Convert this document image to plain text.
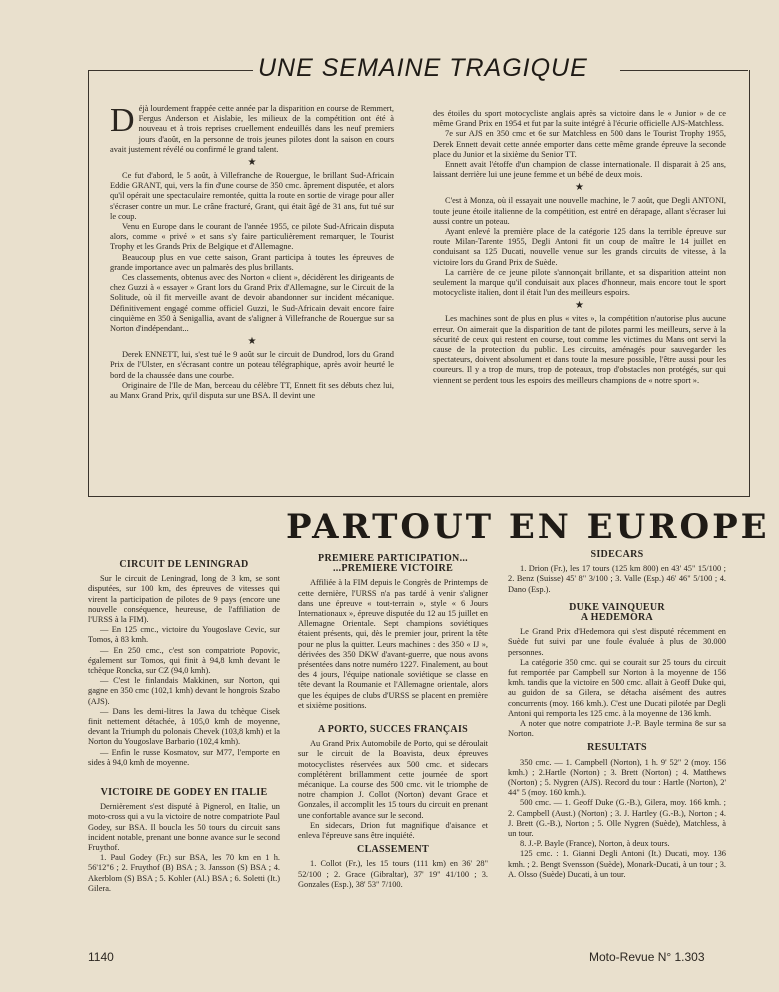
UNE SEMAINE TRAGIQUE

Déjà lourdement frappée cette année par la disparition en course de Remmert, Fergus Anderson et Aislabie, les milieux de la compétition ont été à nouveau et à trois reprises cruellement endeuillés dans les neuf premiers jours d'août, en la personne de trois jeunes pilotes dont la saison en cours avait justement révélé ou confirmé le grand talent.

★

Ce fut d'abord, le 5 août, à Villefranche de Rouergue, le brillant Sud-Africain Eddie GRANT, qui, vers la fin d'une course de 350 cmc. âprement disputée, et alors qu'il opérait une spectaculaire remontée, quitta la route en sortie de virage pour aller s'écraser contre un mur. Le crâne fracturé, Grant, qui était âgé de 31 ans, fut tué sur le coup.

Venu en Europe dans le courant de l'année 1955, ce pilote Sud-Africain disputa alors, comme « privé » et sans s'y faire particulièrement remarquer, le Tourist Trophy et les Grands Prix de Belgique et d'Allemagne.

Beaucoup plus en vue cette saison, Grant participa à toutes les épreuves de grande importance avec un palmarès des plus brillants.

Ces classements, obtenus avec des Norton « client », décidèrent les dirigeants de chez Guzzi à « essayer » Grant lors du Grand Prix d'Allemagne, sur le Circuit de la Solitude, où il fit merveille avant de devoir abandonner sur incident mécanique. Définitivement engagé comme officiel Guzzi, le Sud-Africain devait encore faire cinquième en 350 à Senigallia, avant de s'aligner à Villefranche de Rouergue sur sa Norton d'indépendant...

★

Derek ENNETT, lui, s'est tué le 9 août sur le circuit de Dundrod, lors du Grand Prix de l'Ulster, en s'écrasant contre un poteau télégraphique, après avoir heurté le bord de la chaussée dans une courbe.

Originaire de l'Ile de Man, berceau du célèbre TT, Ennett fit ses débuts chez lui, au Manx Grand Prix, qu'il disputa sur une BSA. Il devint une

des étoiles du sport motocycliste anglais après sa victoire dans le « Junior » de ce même Grand Prix en 1954 et fut par la suite intégré à l'écurie officielle AJS-Matchless.

7e sur AJS en 350 cmc et 6e sur Matchless en 500 dans le Tourist Trophy 1955, Derek Ennett devait cette année emporter dans cette même grande épreuve la seconde place du Junior et la sixième du Senior TT.

Ennett avait l'étoffe d'un champion de classe internationale. Il disparait à 25 ans, laissant derrière lui une jeune femme et un bébé de deux mois.

★

C'est à Monza, où il essayait une nouvelle machine, le 7 août, que Degli ANTONI, toute jeune étoile italienne de la compétition, est entré en dérapage, allant s'écraser lui aussi contre un poteau.

Ayant enlevé la première place de la catégorie 125 dans la terrible épreuve sur route Milan-Tarente 1955, Degli Antoni fit un coup de maître le 14 juillet en conduisant sa 125 Ducati, nouvelle venue sur les grands circuits de vitesse, à la victoire lors du Grand Prix de Suède.

La carrière de ce jeune pilote s'annonçait brillante, et sa disparition atteint non seulement la marque qu'il conduisait aux places d'honneur, mais encore tout le sport motocycliste italien, dont il était l'un des meilleurs espoirs.

★

Les machines sont de plus en plus « vites », la compétition n'autorise plus aucune erreur. On aimerait que la disparition de tant de pilotes parmi les meilleurs, serve à la sécurité de ceux qui restent en course, tout comme les victimes du Mans ont servi la cause de la protection du public. Les circuits, aménagés pour sauvegarder les spectateurs, doivent absolument et dans toute la mesure possible, l'être aussi pour les coureurs. Il y a trop de murs, trop de poteaux, trop d'obstacles non protégés, sur qui viennent se perdent tous les espoirs des meilleurs champions de « notre sport ».

PARTOUT EN EUROPE
CIRCUIT DE LENINGRAD

Sur le circuit de Leningrad, long de 3 km, se sont disputées, sur 100 km, des épreuves de vitesses qui virent la participation de pilotes de 9 pays (encore une nouvelle conséquence, heureuse, de l'affiliation de l'URSS à la FIM).

— En 125 cmc., victoire du Yougoslave Cevic, sur Tomos, à 83 kmh.

— En 250 cmc., c'est son compatriote Popovic, également sur Tomos, qui finit à 94,8 kmh devant le tchèque Roncka, sur CZ (94,0 kmh).

— C'est le finlandais Makkinen, sur Norton, qui gagne en 350 cmc (102,1 kmh) devant le hongrois Szabo (AJS).

— Dans les demi-litres la Jawa du tchèque Cisek finit nettement détachée, à 105,0 kmh de moyenne, devant la Triumph du polonais Chevek (103,8 kmh) et la Norton du Yougoslave Barbario (102,4 kmh).

— Enfin le russe Kosmatov, sur M77, l'emporte en sides à 94,0 kmh de moyenne.

VICTOIRE DE GODEY EN ITALIE

Dernièrement s'est disputé à Pignerol, en Italie, un moto-cross qui a vu la victoire de notre compatriote Paul Godey, sur BSA. Il boucla les 50 tours du circuit sans incident notable, prenant une bonne avance sur le second Fruythof.

1. Paul Godey (Fr.) sur BSA, les 70 km en 1 h. 56'12"6 ; 2. Fruythof (B) BSA ; 3. Jansson (S) BSA ; 4. Akerblom (S) BSA ; 5. Kohler (Al.) BSA ; 6. Soletti (It.) Gilera.

PREMIERE PARTICIPATION...
...PREMIERE VICTOIRE

Affiliée à la FIM depuis le Congrès de Printemps de cette dernière, l'URSS n'a pas tardé à venir s'aligner dans une épreuve « tout-terrain », style « 6 Jours Internationaux », épreuve disputée du 12 au 15 juillet en Allemagne Orientale. Sept champions soviétiques étaient présents, qui, dès le premier jour, prirent la tête pour ne plus la quitter. Leurs machines : des 350 « IJ », dérivées des 350 DKW d'avant-guerre, que nous avons présentées dans notre numéro 1227. Finalement, au bout des 4 jours, l'équipe nationale soviétique se classe en tête devant la Roumanie et l'Allemagne orientale, alors que les équipes de clubs d'URSS se placent en première et sixième positions.

A PORTO, SUCCES FRANÇAIS

Au Grand Prix Automobile de Porto, qui se déroulait sur le circuit de la Boavista, deux épreuves motocyclistes réservées aux 500 cmc. et sidecars complétèrent brillamment cette journée de sport mécanique. La course des 500 cmc. vit le triomphe de notre champion J. Collot (Norton) devant Grace et Gonzales, il accomplit les 15 tours du circuit en prenant une confortable avance sur le second.

En sidecars, Drion fut magnifique d'aisance et enleva l'épreuve sans être inquiété.

CLASSEMENT

1. Collot (Fr.), les 15 tours (111 km) en 36' 28" 52/100 ; 2. Grace (Gibraltar), 37' 19" 41/100 ; 3. Gonzales (Esp.), 38' 53" 7/100.

SIDECARS

1. Drion (Fr.), les 17 tours (125 km 800) en 43' 45" 15/100 ; 2. Benz (Suisse) 45' 8" 3/100 ; 3. Valle (Esp.) 46' 46" 5/100 ; 4. Dano (Esp.).

DUKE VAINQUEUR
A HEDEMORA

Le Grand Prix d'Hedemora qui s'est disputé récemment en Suède fut suivi par une foule évaluée à plus de 30.000 personnes.

La catégorie 350 cmc. qui se courait sur 25 tours du circuit fut remportée par Campbell sur Norton à la moyenne de 156 kmh. tandis que la victoire en 500 cmc. allait à Geoff Duke qui, au guidon de sa Gilera, se détacha aisément des autres concurrents (moy. 166 kmh.). C'est une Ducati pilotée par Degli Antoni qui remporta les 125 cmc. à la moyenne de 136 kmh.

A noter que notre compatriote J.-P. Bayle termina 8e sur sa Norton.

RESULTATS

350 cmc. — 1. Campbell (Norton), 1 h. 9' 52" 2 (moy. 156 kmh.) ; 2.Hartle (Norton) ; 3. Brett (Norton) ; 4. Matthews (Norton) ; 5. Nygren (AJS). Record du tour : Hartle (Norton), 2' 44" 5 (moy. 160 kmh.).

500 cmc. — 1. Geoff Duke (G.-B.), Gilera, moy. 166 kmh. ; 2. Campbell (Aust.) (Norton) ; 3. J. Hartley (G.-B.), Norton ; 4. J. Brett (G.-B.), Norton ; 5. Olle Nygren (Suède), Matchless, à un tour.

8. J.-P. Bayle (France), Norton, à deux tours.

125 cmc. : 1. Gianni Degli Antoni (It.) Ducati, moy. 136 kmh. ; 2. Bengt Svensson (Suède), Monark-Ducati, à un tour ; 3. A. Olsso (Suède) Ducati, à un tour.

1140	Moto-Revue N° 1.303
